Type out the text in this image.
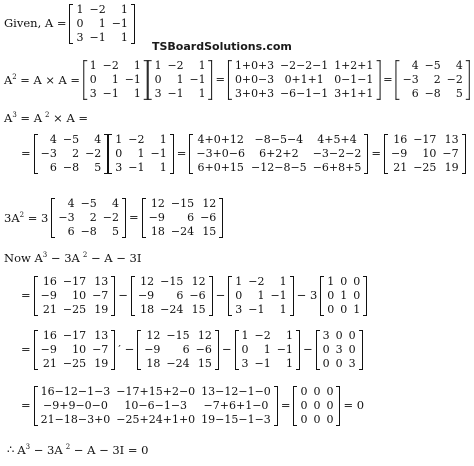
TSBoardSolutions.com
Given, A =
1 −2	1
0	1 −1
3 −1	1
$A^2 = A \times A$ =
1 −2	1
0	1 −1
3 −1	1
1 −2	1
0	1 −1
3 −1	1
=
1+0+3 −2−2−1 1+2+1
0+0−3 0+1+1 0−1−1
3+0+3 −6−1−1 3+1+1
=
4 −5	4
−3	2 −2
6 −8	5
$A^3 = A$ $^2$ × A =
=
4 −5	4
−3	2 −2
6 −8	5
1 −2	1
0	1 −1
3 −1	1
=
4+0+12 −8−5−4	4+5+4
−3+0−6	6+2+2	−3−2−2
6+0+15 −12−8−5 −6+8+5
=
16 −17 13
−9	10 −7
21 −25 19
$3A^2 = 3$
4 −5	4
−3	2 −2
6 −8	5
=
12 −15 12
−9	6 −6
18 −24 15
Now $A^3 - 3A$ $^2$ − A − 3I
=
16 −17 13
−9	10 −7
21 −25 19
−
12 −15 12
−9	6 −6
18 −24 15
−
1 −2	1
0	1 −1
3 −1	1
− 3
1 0 0
0 1 0
0 0 1
=
16 −17 13
−9	10 −7
21 −25 19
′ −
12 −15 12
−9	6 −6
18 −24 15
−
1 −2	1
0	1 −1
3 −1	1
−
3 0 0
0 3 0
0 0 3
=
16−12−1−3 −17+15+2−0 13−12−1−0
−9+9−0−0	10−6−1−3	−7+6+1−0
21−18−3+0 −25+24+1+0 19−15−1−3
=
0 0 0
0 0 0
0 0 0
= 0
∴ $A^3 - 3A$ $^2$ − A − 3I = 0
